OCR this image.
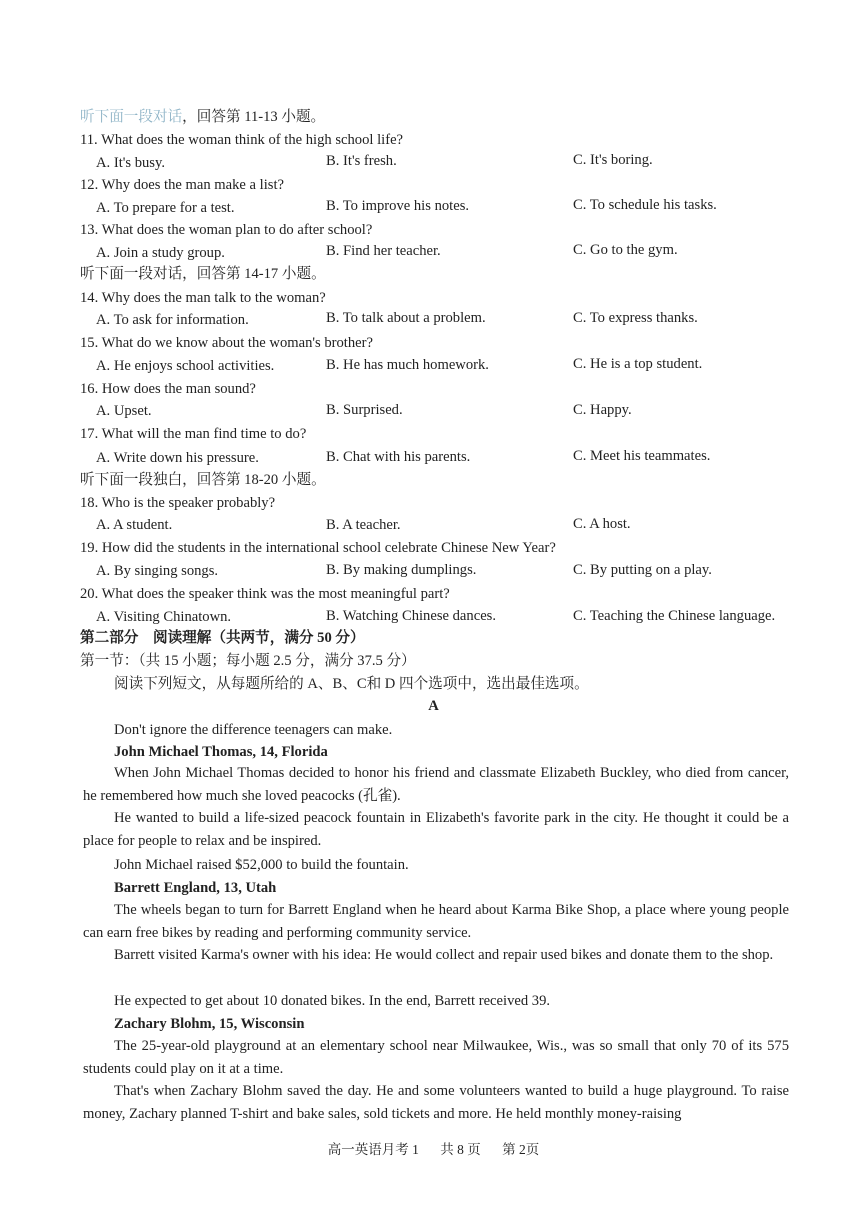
听下面一段对话，回答第 11-13 小题。
11. What does the woman think of the high school life?
A. It's busy.	B. It's fresh.	C. It's boring.
12. Why does the man make a list?
A. To prepare for a test.	B. To improve his notes.	C. To schedule his tasks.
13. What does the woman plan to do after school?
A. Join a study group.	B. Find her teacher.	C. Go to the gym.
听下面一段对话，回答第 14-17 小题。
14. Why does the man talk to the woman?
A. To ask for information.	B. To talk about a problem.	C. To express thanks.
15. What do we know about the woman's brother?
A. He enjoys school activities.	B. He has much homework.	C. He is a top student.
16. How does the man sound?
A. Upset.	B. Surprised.	C. Happy.
17. What will the man find time to do?
A. Write down his pressure.	B. Chat with his parents.	C. Meet his teammates.
听下面一段独白，回答第 18-20 小题。
18. Who is the speaker probably?
A. A student.	B. A teacher.	C. A host.
19. How did the students in the international school celebrate Chinese New Year?
A. By singing songs.	B. By making dumplings.	C. By putting on a play.
20. What does the speaker think was the most meaningful part?
A. Visiting Chinatown.	B. Watching Chinese dances.	C. Teaching the Chinese language.
第二部分　阅读理解（共两节，满分 50 分）
第一节：（共 15 小题；每小题 2.5 分，满分 37.5 分）
阅读下列短文，从每题所给的 A、B、C和 D 四个选项中，选出最佳选项。
A
Don't ignore the difference teenagers can make.
John Michael Thomas, 14, Florida
When John Michael Thomas decided to honor his friend and classmate Elizabeth Buckley, who died from cancer, he remembered how much she loved peacocks (孔雀).
He wanted to build a life-sized peacock fountain in Elizabeth's favorite park in the city. He thought it could be a place for people to relax and be inspired.
John Michael raised $52,000 to build the fountain.
Barrett England, 13, Utah
The wheels began to turn for Barrett England when he heard about Karma Bike Shop, a place where young people can earn free bikes by reading and performing community service.
Barrett visited Karma's owner with his idea: He would collect and repair used bikes and donate them to the shop.
He expected to get about 10 donated bikes. In the end, Barrett received 39.
Zachary Blohm, 15, Wisconsin
The 25-year-old playground at an elementary school near Milwaukee, Wis., was so small that only 70 of its 575 students could play on it at a time.
That's when Zachary Blohm saved the day. He and some volunteers wanted to build a huge playground. To raise money, Zachary planned T-shirt and bake sales, sold tickets and more. He held monthly money-raising
高一英语月考 1 共 8 页 第 2页
